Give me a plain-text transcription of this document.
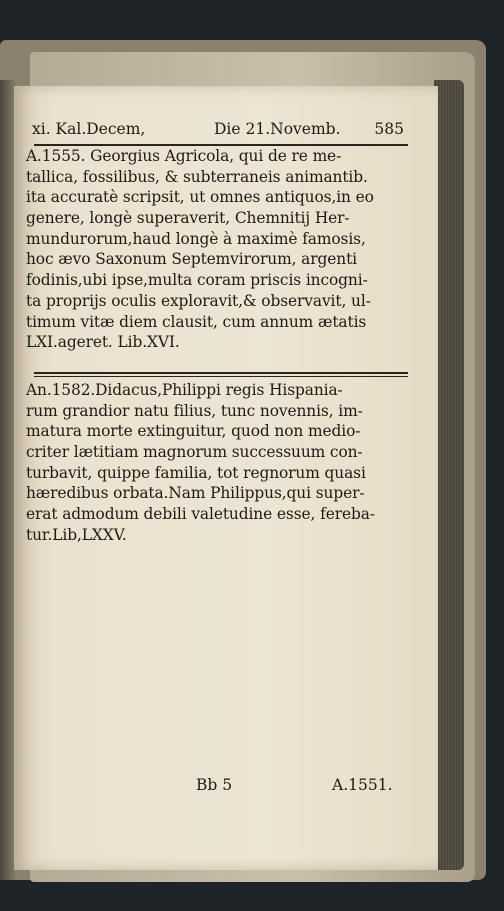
xi. Kal.Decem,	Die 21.Novemb. 585
A.1555. Georgius Agricola, qui de re me-
tallica, fossilibus, & subterraneis animantib.
ita accuratè scripsit, ut omnes antiquos,in eo
genere, longè superaverit, Chemnitij Her-
mundurorum,haud longè à maximè famosis,
hoc ævo Saxonum Septemvirorum, argenti
fodinis,ubi ipse,multa coram priscis incogni-
ta proprijs oculis exploravit,& observavit, ul-
timum vitæ diem clausit, cum annum ætatis
LXI.ageret. Lib.XVI.
An.1582.Didacus,Philippi regis Hispania-
rum grandior natu filius, tunc novennis, im-
matura morte extinguitur, quod non medio-
criter lætitiam magnorum successuum con-
turbavit, quippe familia, tot regnorum quasi
hæredibus orbata.Nam Philippus,qui super-
erat admodum debili valetudine esse, fereba-
tur.Lib,LXXV.
Bb 5	A.1551.
